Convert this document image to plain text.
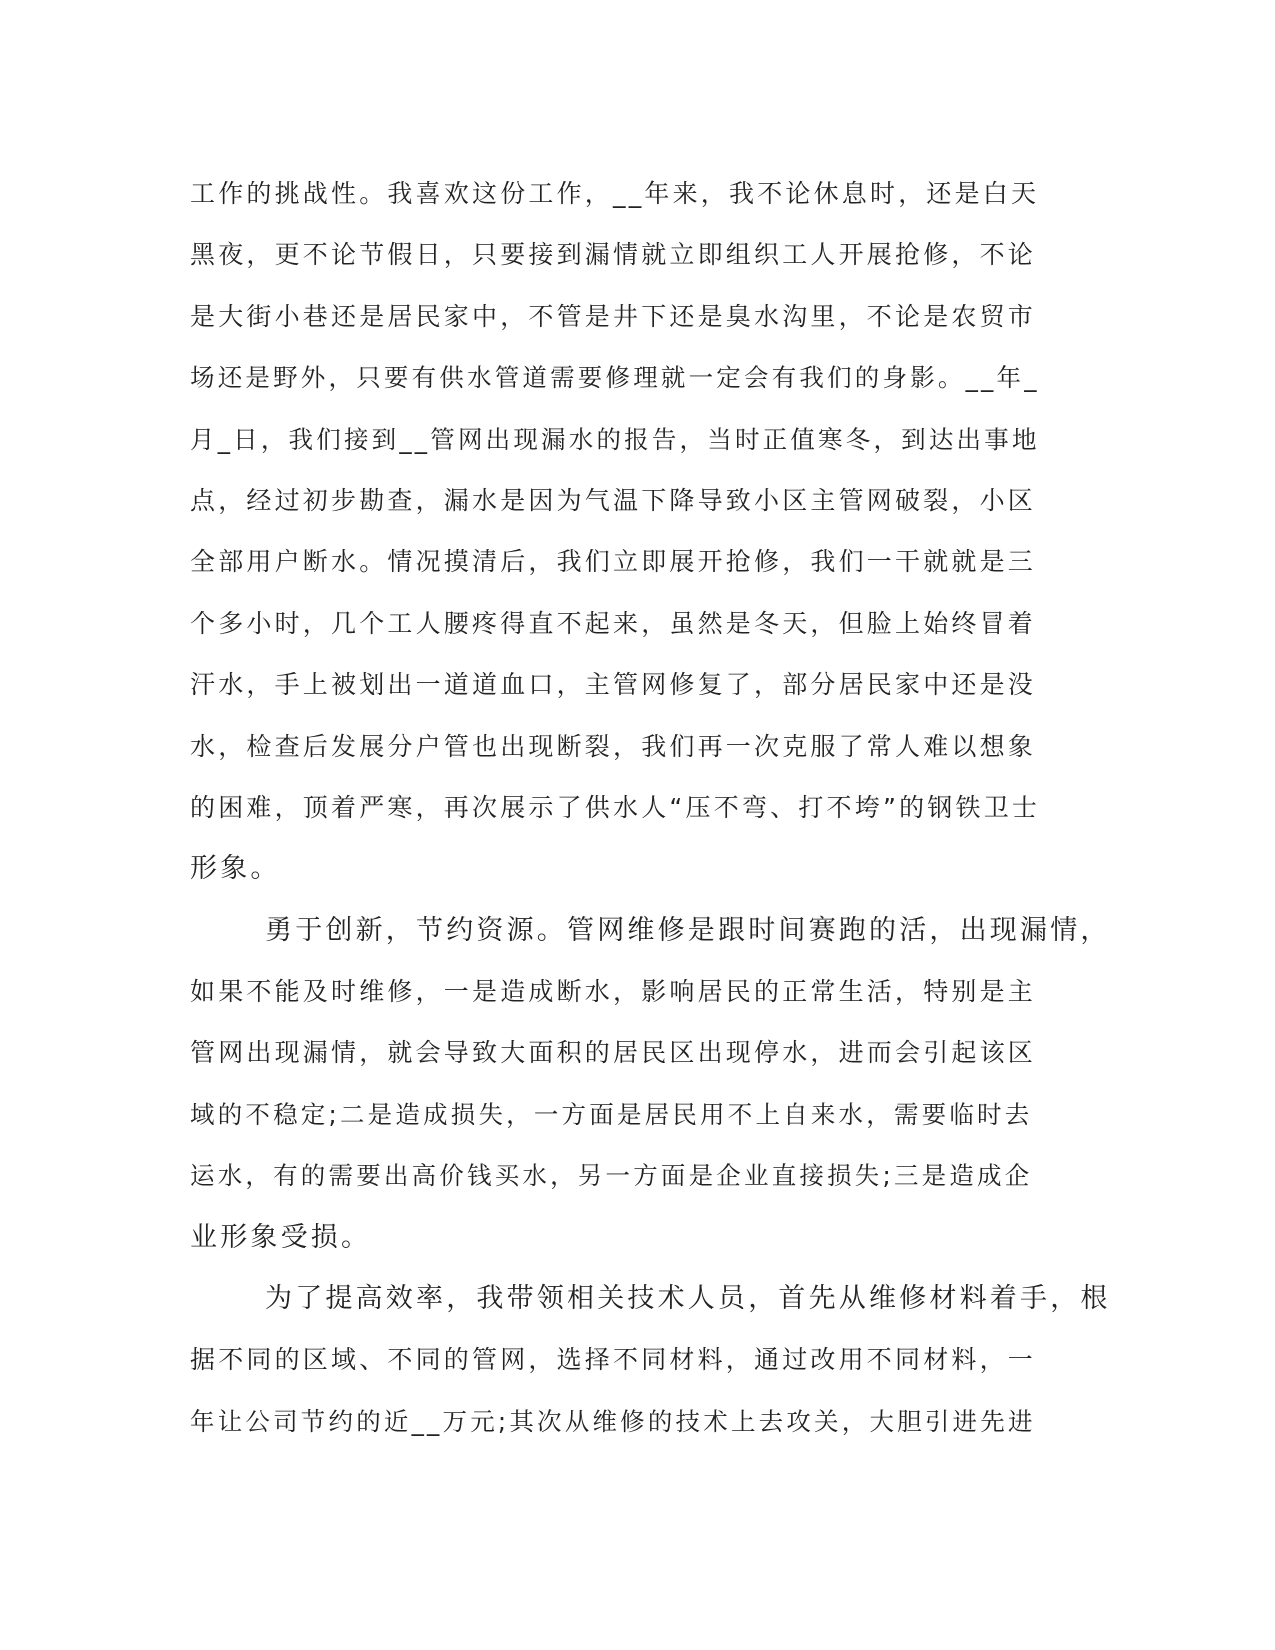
工作的挑战性。我喜欢这份工作，__年来，我不论休息时，还是白天
黑夜，更不论节假日，只要接到漏情就立即组织工人开展抢修，不论
是大街小巷还是居民家中，不管是井下还是臭水沟里，不论是农贸市
场还是野外，只要有供水管道需要修理就一定会有我们的身影。__年_
月_日，我们接到__管网出现漏水的报告，当时正值寒冬，到达出事地
点，经过初步勘查，漏水是因为气温下降导致小区主管网破裂，小区
全部用户断水。情况摸清后，我们立即展开抢修，我们一干就就是三
个多小时，几个工人腰疼得直不起来，虽然是冬天，但脸上始终冒着
汗水，手上被划出一道道血口，主管网修复了，部分居民家中还是没
水，检查后发展分户管也出现断裂，我们再一次克服了常人难以想象
的困难，顶着严寒，再次展示了供水人“压不弯、打不垮”的钢铁卫士
形象。
勇于创新，节约资源。管网维修是跟时间赛跑的活，出现漏情，
如果不能及时维修，一是造成断水，影响居民的正常生活，特别是主
管网出现漏情，就会导致大面积的居民区出现停水，进而会引起该区
域的不稳定;二是造成损失，一方面是居民用不上自来水，需要临时去
运水，有的需要出高价钱买水，另一方面是企业直接损失;三是造成企
业形象受损。
为了提高效率，我带领相关技术人员，首先从维修材料着手，根
据不同的区域、不同的管网，选择不同材料，通过改用不同材料，一
年让公司节约的近__万元;其次从维修的技术上去攻关，大胆引进先进
